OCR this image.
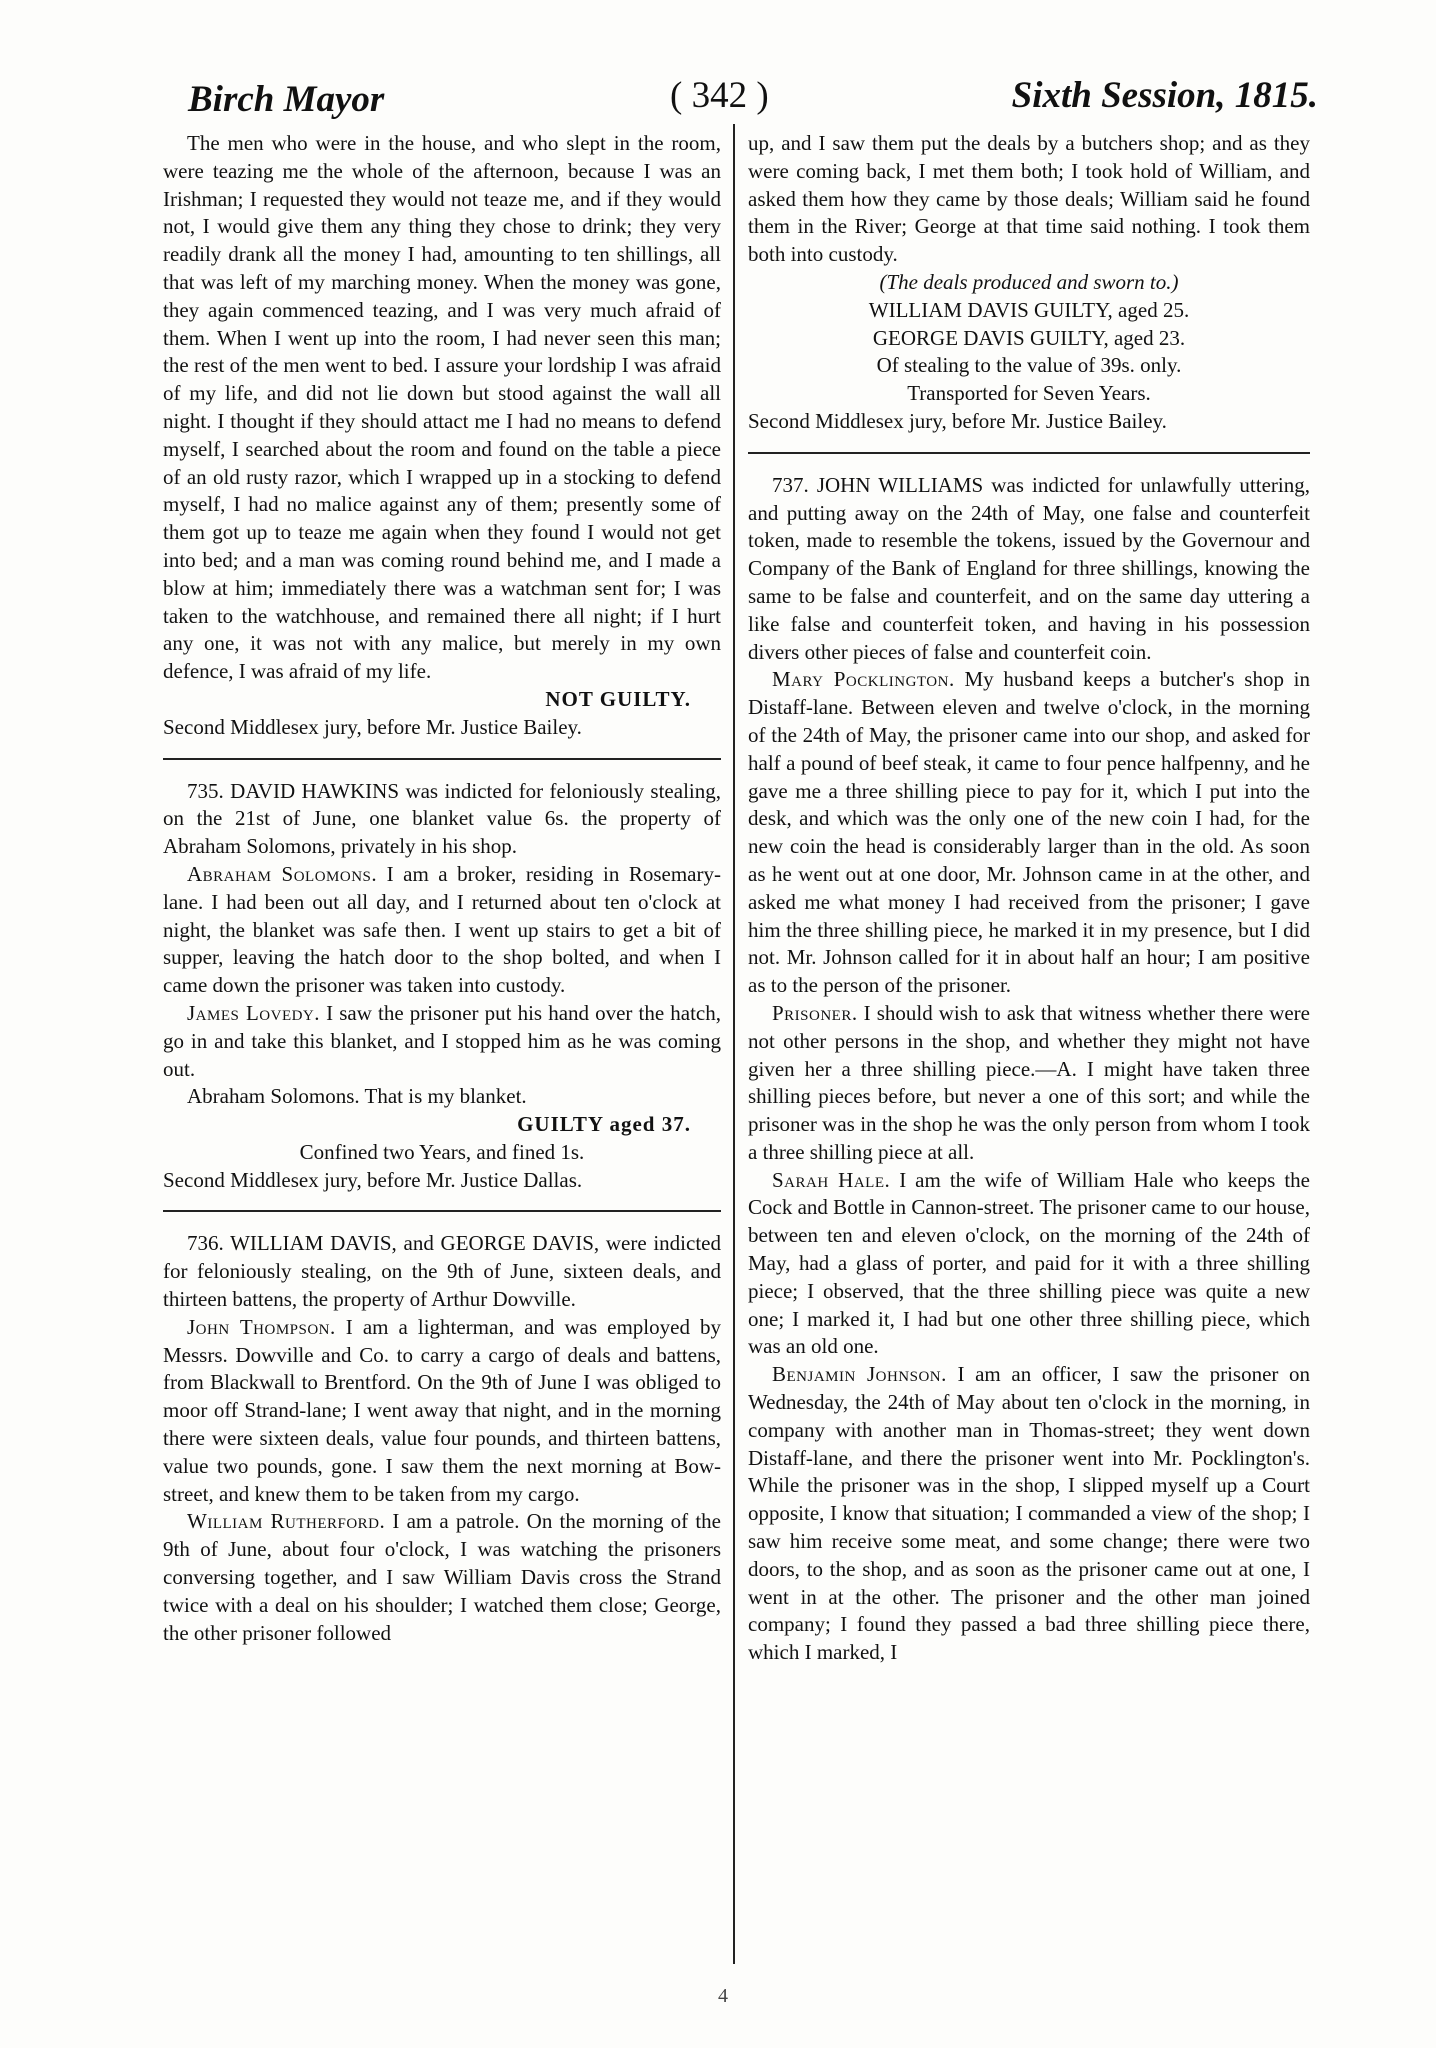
Birch Mayor	( 342 )	Sixth Session, 1815.

The men who were in the house, and who slept in the room, were teazing me the whole of the afternoon, because I was an Irishman; I requested they would not teaze me, and if they would not, I would give them any thing they chose to drink; they very readily drank all the money I had, amounting to ten shillings, all that was left of my marching money. When the money was gone, they again commenced teazing, and I was very much afraid of them. When I went up into the room, I had never seen this man; the rest of the men went to bed. I assure your lordship I was afraid of my life, and did not lie down but stood against the wall all night. I thought if they should attact me I had no means to defend myself, I searched about the room and found on the table a piece of an old rusty razor, which I wrapped up in a stocking to defend myself, I had no malice against any of them; presently some of them got up to teaze me again when they found I would not get into bed; and a man was coming round behind me, and I made a blow at him; immediately there was a watchman sent for; I was taken to the watchhouse, and remained there all night; if I hurt any one, it was not with any malice, but merely in my own defence, I was afraid of my life.

NOT GUILTY.

Second Middlesex jury, before Mr. Justice Bailey.

735. DAVID HAWKINS was indicted for feloniously stealing, on the 21st of June, one blanket value 6s. the property of Abraham Solomons, privately in his shop.

Abraham Solomons. I am a broker, residing in Rosemary-lane. I had been out all day, and I returned about ten o'clock at night, the blanket was safe then. I went up stairs to get a bit of supper, leaving the hatch door to the shop bolted, and when I came down the prisoner was taken into custody.

James Lovedy. I saw the prisoner put his hand over the hatch, go in and take this blanket, and I stopped him as he was coming out.

Abraham Solomons. That is my blanket.

GUILTY aged 37.

Confined two Years, and fined 1s.

Second Middlesex jury, before Mr. Justice Dallas.

736. WILLIAM DAVIS, and GEORGE DAVIS, were indicted for feloniously stealing, on the 9th of June, sixteen deals, and thirteen battens, the property of Arthur Dowville.

John Thompson. I am a lighterman, and was employed by Messrs. Dowville and Co. to carry a cargo of deals and battens, from Blackwall to Brentford. On the 9th of June I was obliged to moor off Strand-lane; I went away that night, and in the morning there were sixteen deals, value four pounds, and thirteen battens, value two pounds, gone. I saw them the next morning at Bow-street, and knew them to be taken from my cargo.

William Rutherford. I am a patrole. On the morning of the 9th of June, about four o'clock, I was watching the prisoners conversing together, and I saw William Davis cross the Strand twice with a deal on his shoulder; I watched them close; George, the other prisoner followed

up, and I saw them put the deals by a butchers shop; and as they were coming back, I met them both; I took hold of William, and asked them how they came by those deals; William said he found them in the River; George at that time said nothing. I took them both into custody.

(The deals produced and sworn to.)

WILLIAM DAVIS GUILTY, aged 25.

GEORGE DAVIS GUILTY, aged 23.

Of stealing to the value of 39s. only.

Transported for Seven Years.

Second Middlesex jury, before Mr. Justice Bailey.

737. JOHN WILLIAMS was indicted for unlawfully uttering, and putting away on the 24th of May, one false and counterfeit token, made to resemble the tokens, issued by the Governour and Company of the Bank of England for three shillings, knowing the same to be false and counterfeit, and on the same day uttering a like false and counterfeit token, and having in his possession divers other pieces of false and counterfeit coin.

Mary Pocklington. My husband keeps a butcher's shop in Distaff-lane. Between eleven and twelve o'clock, in the morning of the 24th of May, the prisoner came into our shop, and asked for half a pound of beef steak, it came to four pence halfpenny, and he gave me a three shilling piece to pay for it, which I put into the desk, and which was the only one of the new coin I had, for the new coin the head is considerably larger than in the old. As soon as he went out at one door, Mr. Johnson came in at the other, and asked me what money I had received from the prisoner; I gave him the three shilling piece, he marked it in my presence, but I did not. Mr. Johnson called for it in about half an hour; I am positive as to the person of the prisoner.

Prisoner. I should wish to ask that witness whether there were not other persons in the shop, and whether they might not have given her a three shilling piece.—A. I might have taken three shilling pieces before, but never a one of this sort; and while the prisoner was in the shop he was the only person from whom I took a three shilling piece at all.

Sarah Hale. I am the wife of William Hale who keeps the Cock and Bottle in Cannon-street. The prisoner came to our house, between ten and eleven o'clock, on the morning of the 24th of May, had a glass of porter, and paid for it with a three shilling piece; I observed, that the three shilling piece was quite a new one; I marked it, I had but one other three shilling piece, which was an old one.

Benjamin Johnson. I am an officer, I saw the prisoner on Wednesday, the 24th of May about ten o'clock in the morning, in company with another man in Thomas-street; they went down Distaff-lane, and there the prisoner went into Mr. Pocklington's. While the prisoner was in the shop, I slipped myself up a Court opposite, I know that situation; I commanded a view of the shop; I saw him receive some meat, and some change; there were two doors, to the shop, and as soon as the prisoner came out at one, I went in at the other. The prisoner and the other man joined company; I found they passed a bad three shilling piece there, which I marked, I

4
